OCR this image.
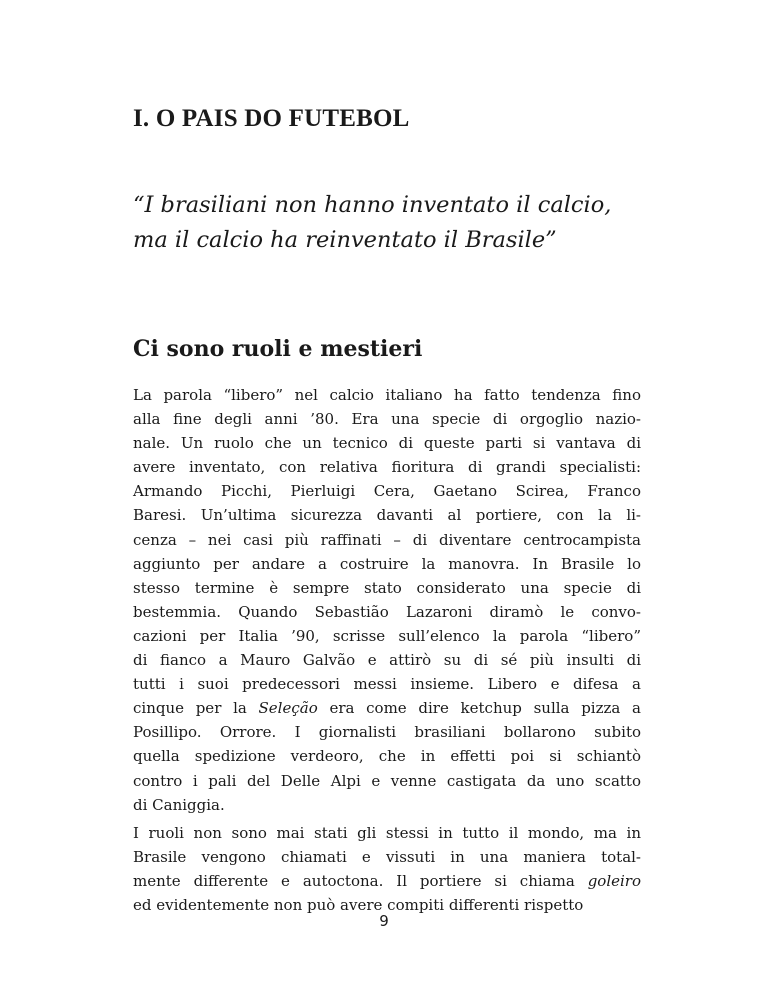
I. O PAIS DO FUTEBOL

“I brasiliani non hanno inventato il calcio,
ma il calcio ha reinventato il Brasile”

Ci sono ruoli e mestieri

La parola “libero” nel calcio italiano ha fatto tendenza fino
alla fine degli anni ’80. Era una specie di orgoglio nazio-
nale. Un ruolo che un tecnico di queste parti si vantava di
avere inventato, con relativa fioritura di grandi specialisti:
Armando Picchi, Pierluigi Cera, Gaetano Scirea, Franco
Baresi. Un’ultima sicurezza davanti al portiere, con la li-
cenza – nei casi più raffinati – di diventare centrocampista
aggiunto per andare a costruire la manovra. In Brasile lo
stesso termine è sempre stato considerato una specie di
bestemmia. Quando Sebastião Lazaroni diramò le convo-
cazioni per Italia ’90, scrisse sull’elenco la parola “libero”
di fianco a Mauro Galvão e attirò su di sé più insulti di
tutti i suoi predecessori messi insieme. Libero e difesa a
cinque per la Seleção era come dire ketchup sulla pizza a
Posillipo. Orrore. I giornalisti brasiliani bollarono subito
quella spedizione verdeoro, che in effetti poi si schiantò
contro i pali del Delle Alpi e venne castigata da uno scatto
di Caniggia.

I ruoli non sono mai stati gli stessi in tutto il mondo, ma in
Brasile vengono chiamati e vissuti in una maniera total-
mente differente e autoctona. Il portiere si chiama goleiro
ed evidentemente non può avere compiti differenti rispetto

9
